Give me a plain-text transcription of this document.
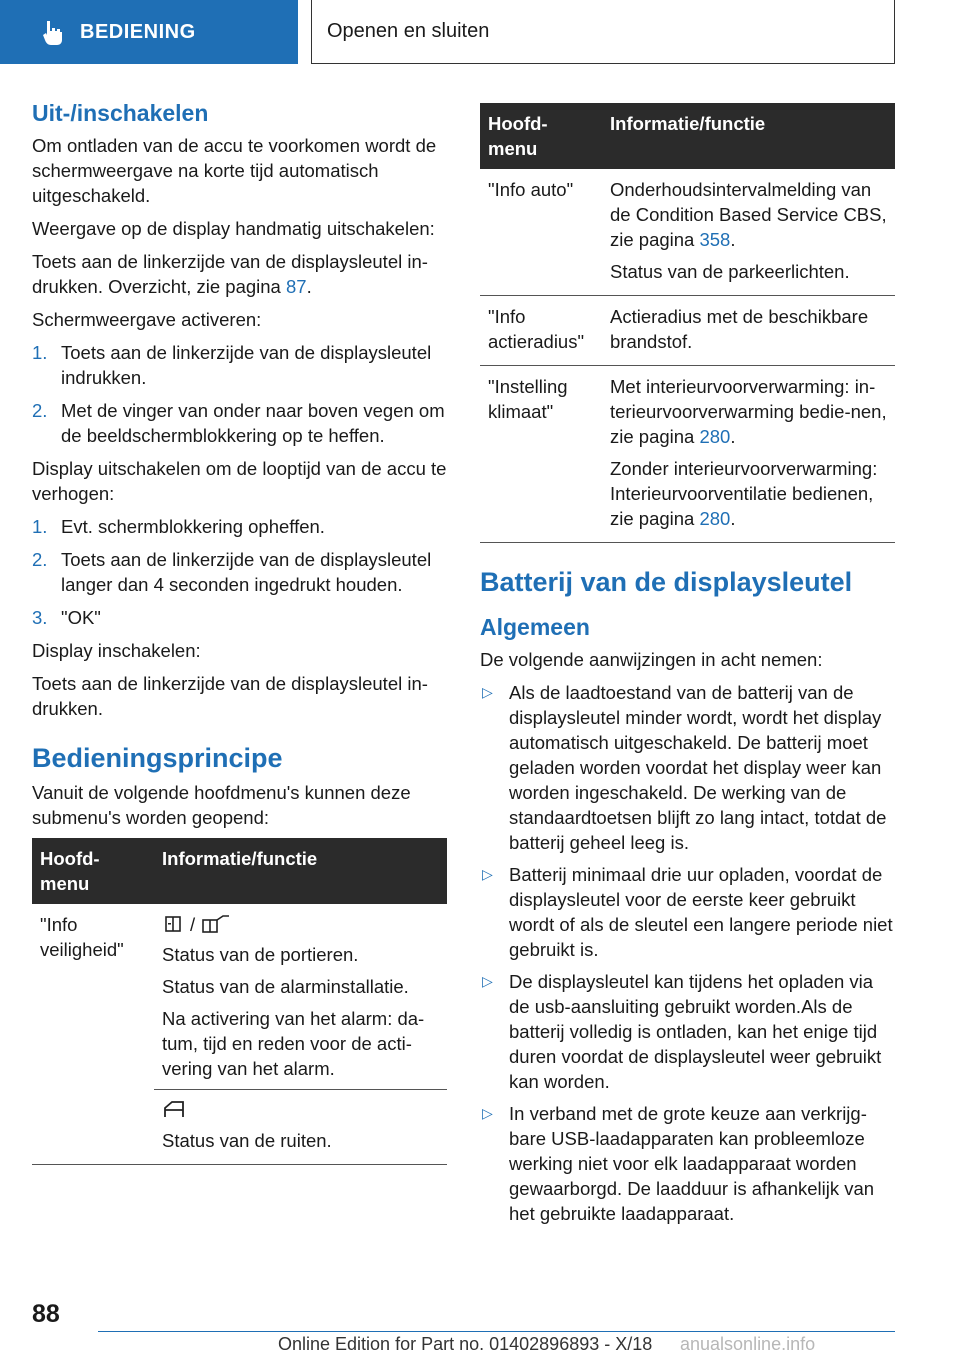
BEDIENING	Openen en sluiten
Uit-/inschakelen

Om ontladen van de accu te voorkomen wordt de schermweergave na korte tijd automatisch uitgeschakeld.

Weergave op de display handmatig uitschakelen:

Toets aan de linkerzijde van de displaysleutel in-drukken. Overzicht, zie pagina 87.

Schermweergave activeren:

1. Toets aan de linkerzijde van de displaysleutel indrukken.
2. Met de vinger van onder naar boven vegen om de beeldschermblokkering op te heffen.

Display uitschakelen om de looptijd van de accu te verhogen:

1. Evt. schermblokkering opheffen.
2. Toets aan de linkerzijde van de displaysleutel langer dan 4 seconden ingedrukt houden.
3. "OK"

Display inschakelen:

Toets aan de linkerzijde van de displaysleutel in-drukken.

Bedieningsprincipe

Vanuit de volgende hoofdmenu's kunnen deze submenu's worden geopend:

Hoofd-menu	Informatie/functie
"Info veiligheid"	/

Status van de portieren.

Status van de alarminstallatie.

Na activering van het alarm: da-tum, tijd en reden voor de acti-vering van het alarm.

Status van de ruiten.

Hoofd-menu	Informatie/functie
"Info auto"	Onderhoudsintervalmelding van de Condition Based Service CBS, zie pagina 358.

Status van de parkeerlichten.

"Info actieradius"	Actieradius met de beschikbare brandstof.

"Instelling klimaat"	Met interieurvoorverwarming: in-terieurvoorverwarming bedie-nen, zie pagina 280.

Zonder interieurvoorverwarming: Interieurvoorventilatie bedienen, zie pagina 280.

Batterij van de displaysleutel
Algemeen

De volgende aanwijzingen in acht nemen:

▷ Als de laadtoestand van de batterij van de displaysleutel minder wordt, wordt het display automatisch uitgeschakeld. De batterij moet geladen worden voordat het display weer kan worden ingeschakeld. De werking van de standaardtoetsen blijft zo lang intact, totdat de batterij geheel leeg is.
▷ Batterij minimaal drie uur opladen, voordat de displaysleutel voor de eerste keer gebruikt wordt of als de sleutel een langere periode niet gebruikt is.
▷ De displaysleutel kan tijdens het opladen via de usb-aansluiting gebruikt worden.Als de batterij volledig is ontladen, kan het enige tijd duren voordat de displaysleutel weer gebruikt kan worden.
▷ In verband met de grote keuze aan verkrijg-bare USB-laadapparaten kan probleemloze werking niet voor elk laadapparaat worden gewaarborgd. De laadduur is afhankelijk van het gebruikte laadapparaat.
88
Online Edition for Part no. 01402896893 - X/18 anualsonline.info
